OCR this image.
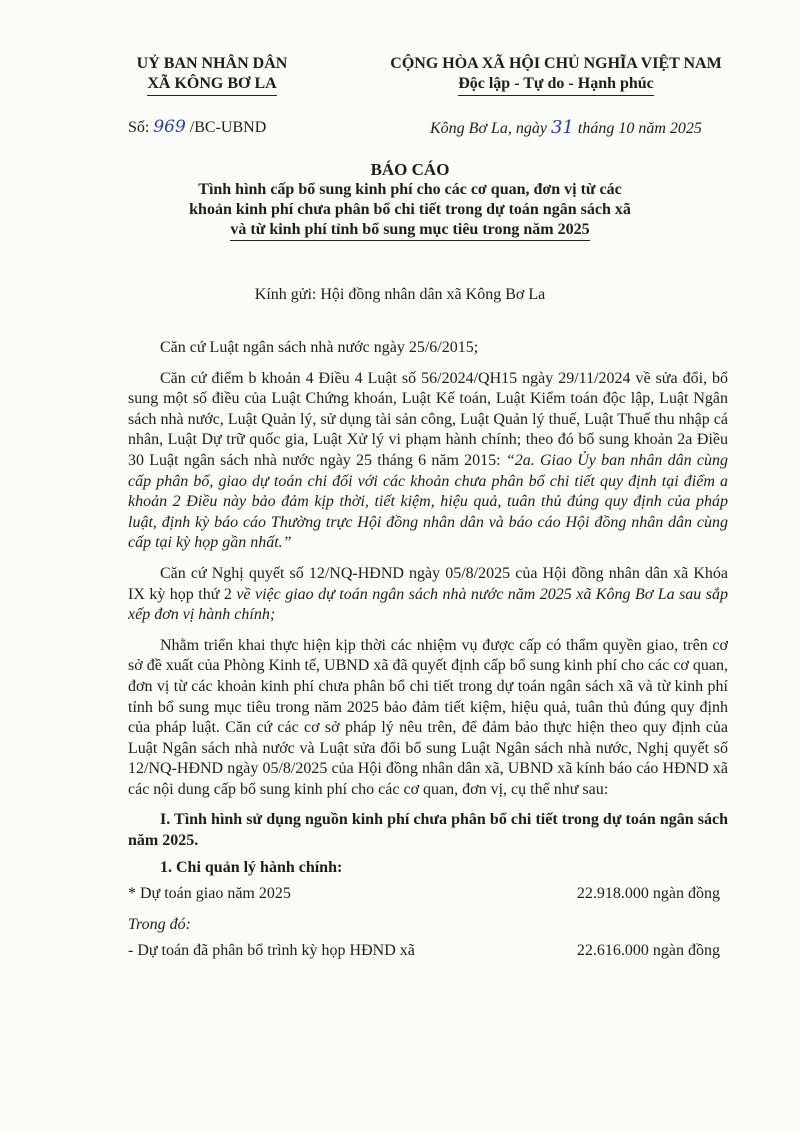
UỶ BAN NHÂN DÂN
XÃ KÔNG BƠ LA
CỘNG HÒA XÃ HỘI CHỦ NGHĨA VIỆT NAM
Độc lập - Tự do - Hạnh phúc
Số: 969 /BC-UBND	Kông Bơ La, ngày 31 tháng 10 năm 2025
BÁO CÁO
Tình hình cấp bổ sung kinh phí cho các cơ quan, đơn vị từ các
khoản kinh phí chưa phân bổ chi tiết trong dự toán ngân sách xã
và từ kinh phí tỉnh bổ sung mục tiêu trong năm 2025
Kính gửi: Hội đồng nhân dân xã Kông Bơ La

Căn cứ Luật ngân sách nhà nước ngày 25/6/2015;

Căn cứ điểm b khoản 4 Điều 4 Luật số 56/2024/QH15 ngày 29/11/2024 về sửa đổi, bổ sung một số điều của Luật Chứng khoán, Luật Kế toán, Luật Kiểm toán độc lập, Luật Ngân sách nhà nước, Luật Quản lý, sử dụng tài sản công, Luật Quản lý thuế, Luật Thuế thu nhập cá nhân, Luật Dự trữ quốc gia, Luật Xử lý vi phạm hành chính; theo đó bổ sung khoản 2a Điều 30 Luật ngân sách nhà nước ngày 25 tháng 6 năm 2015: “2a. Giao Ủy ban nhân dân cùng cấp phân bổ, giao dự toán chi đối với các khoản chưa phân bổ chi tiết quy định tại điểm a khoản 2 Điều này bảo đảm kịp thời, tiết kiệm, hiệu quả, tuân thủ đúng quy định của pháp luật, định kỳ báo cáo Thường trực Hội đồng nhân dân và báo cáo Hội đồng nhân dân cùng cấp tại kỳ họp gần nhất.”

Căn cứ Nghị quyết số 12/NQ-HĐND ngày 05/8/2025 của Hội đồng nhân dân xã Khóa IX kỳ họp thứ 2 về việc giao dự toán ngân sách nhà nước năm 2025 xã Kông Bơ La sau sắp xếp đơn vị hành chính;

Nhằm triển khai thực hiện kịp thời các nhiệm vụ được cấp có thẩm quyền giao, trên cơ sở đề xuất của Phòng Kinh tế, UBND xã đã quyết định cấp bổ sung kinh phí cho các cơ quan, đơn vị từ các khoản kinh phí chưa phân bổ chi tiết trong dự toán ngân sách xã và từ kinh phí tỉnh bổ sung mục tiêu trong năm 2025 bảo đảm tiết kiệm, hiệu quả, tuân thủ đúng quy định của pháp luật. Căn cứ các cơ sở pháp lý nêu trên, để đảm bảo thực hiện theo quy định của Luật Ngân sách nhà nước và Luật sửa đổi bổ sung Luật Ngân sách nhà nước, Nghị quyết số 12/NQ-HĐND ngày 05/8/2025 của Hội đồng nhân dân xã, UBND xã kính báo cáo HĐND xã các nội dung cấp bổ sung kinh phí cho các cơ quan, đơn vị, cụ thể như sau:

I. Tình hình sử dụng nguồn kinh phí chưa phân bổ chi tiết trong dự toán ngân sách năm 2025.

1. Chi quản lý hành chính:

* Dự toán giao năm 2025	22.918.000 ngàn đồng

Trong đó:

- Dự toán đã phân bổ trình kỳ họp HĐND xã	22.616.000 ngàn đồng
